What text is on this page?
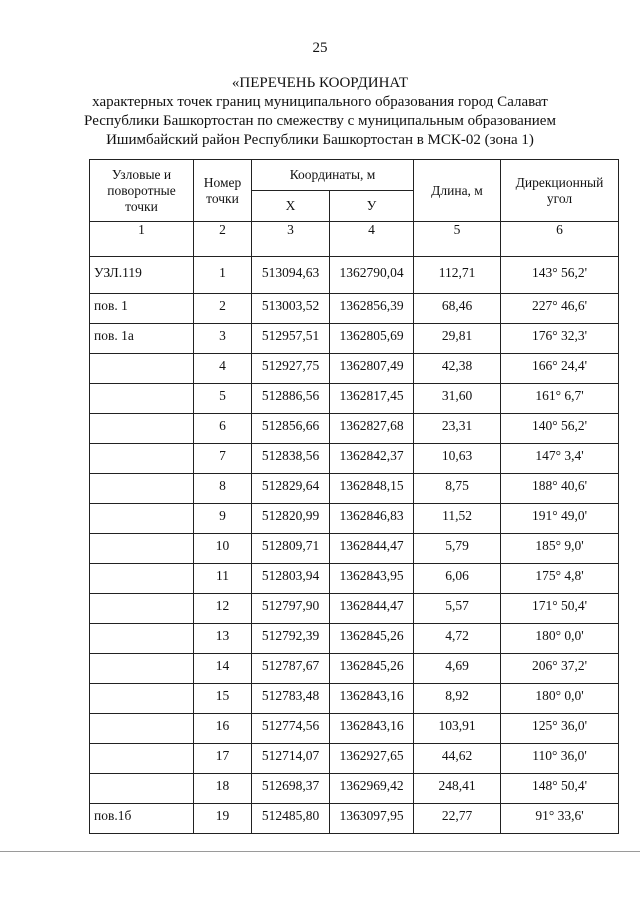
25
«ПЕРЕЧЕНЬ КООРДИНАТ
характерных точек границ муниципального образования город Салават
Республики Башкортостан по смежеству с муниципальным образованием
Ишимбайский район Республики Башкортостан в МСК-02 (зона 1)
Узловые и поворотные точки	Номер точки	Координаты, м		Длина, м	Дирекционный угол
		Х	У		
1	2	3	4	5	6
УЗЛ.119	1	513094,63	1362790,04	112,71	143° 56,2'
пов. 1	2	513003,52	1362856,39	68,46	227° 46,6'
пов. 1а	3	512957,51	1362805,69	29,81	176° 32,3'
	4	512927,75	1362807,49	42,38	166° 24,4'
	5	512886,56	1362817,45	31,60	161° 6,7'
	6	512856,66	1362827,68	23,31	140° 56,2'
	7	512838,56	1362842,37	10,63	147° 3,4'
	8	512829,64	1362848,15	8,75	188° 40,6'
	9	512820,99	1362846,83	11,52	191° 49,0'
	10	512809,71	1362844,47	5,79	185° 9,0'
	11	512803,94	1362843,95	6,06	175° 4,8'
	12	512797,90	1362844,47	5,57	171° 50,4'
	13	512792,39	1362845,26	4,72	180° 0,0'
	14	512787,67	1362845,26	4,69	206° 37,2'
	15	512783,48	1362843,16	8,92	180° 0,0'
	16	512774,56	1362843,16	103,91	125° 36,0'
	17	512714,07	1362927,65	44,62	110° 36,0'
	18	512698,37	1362969,42	248,41	148° 50,4'
пов.1б	19	512485,80	1363097,95	22,77	91° 33,6'
